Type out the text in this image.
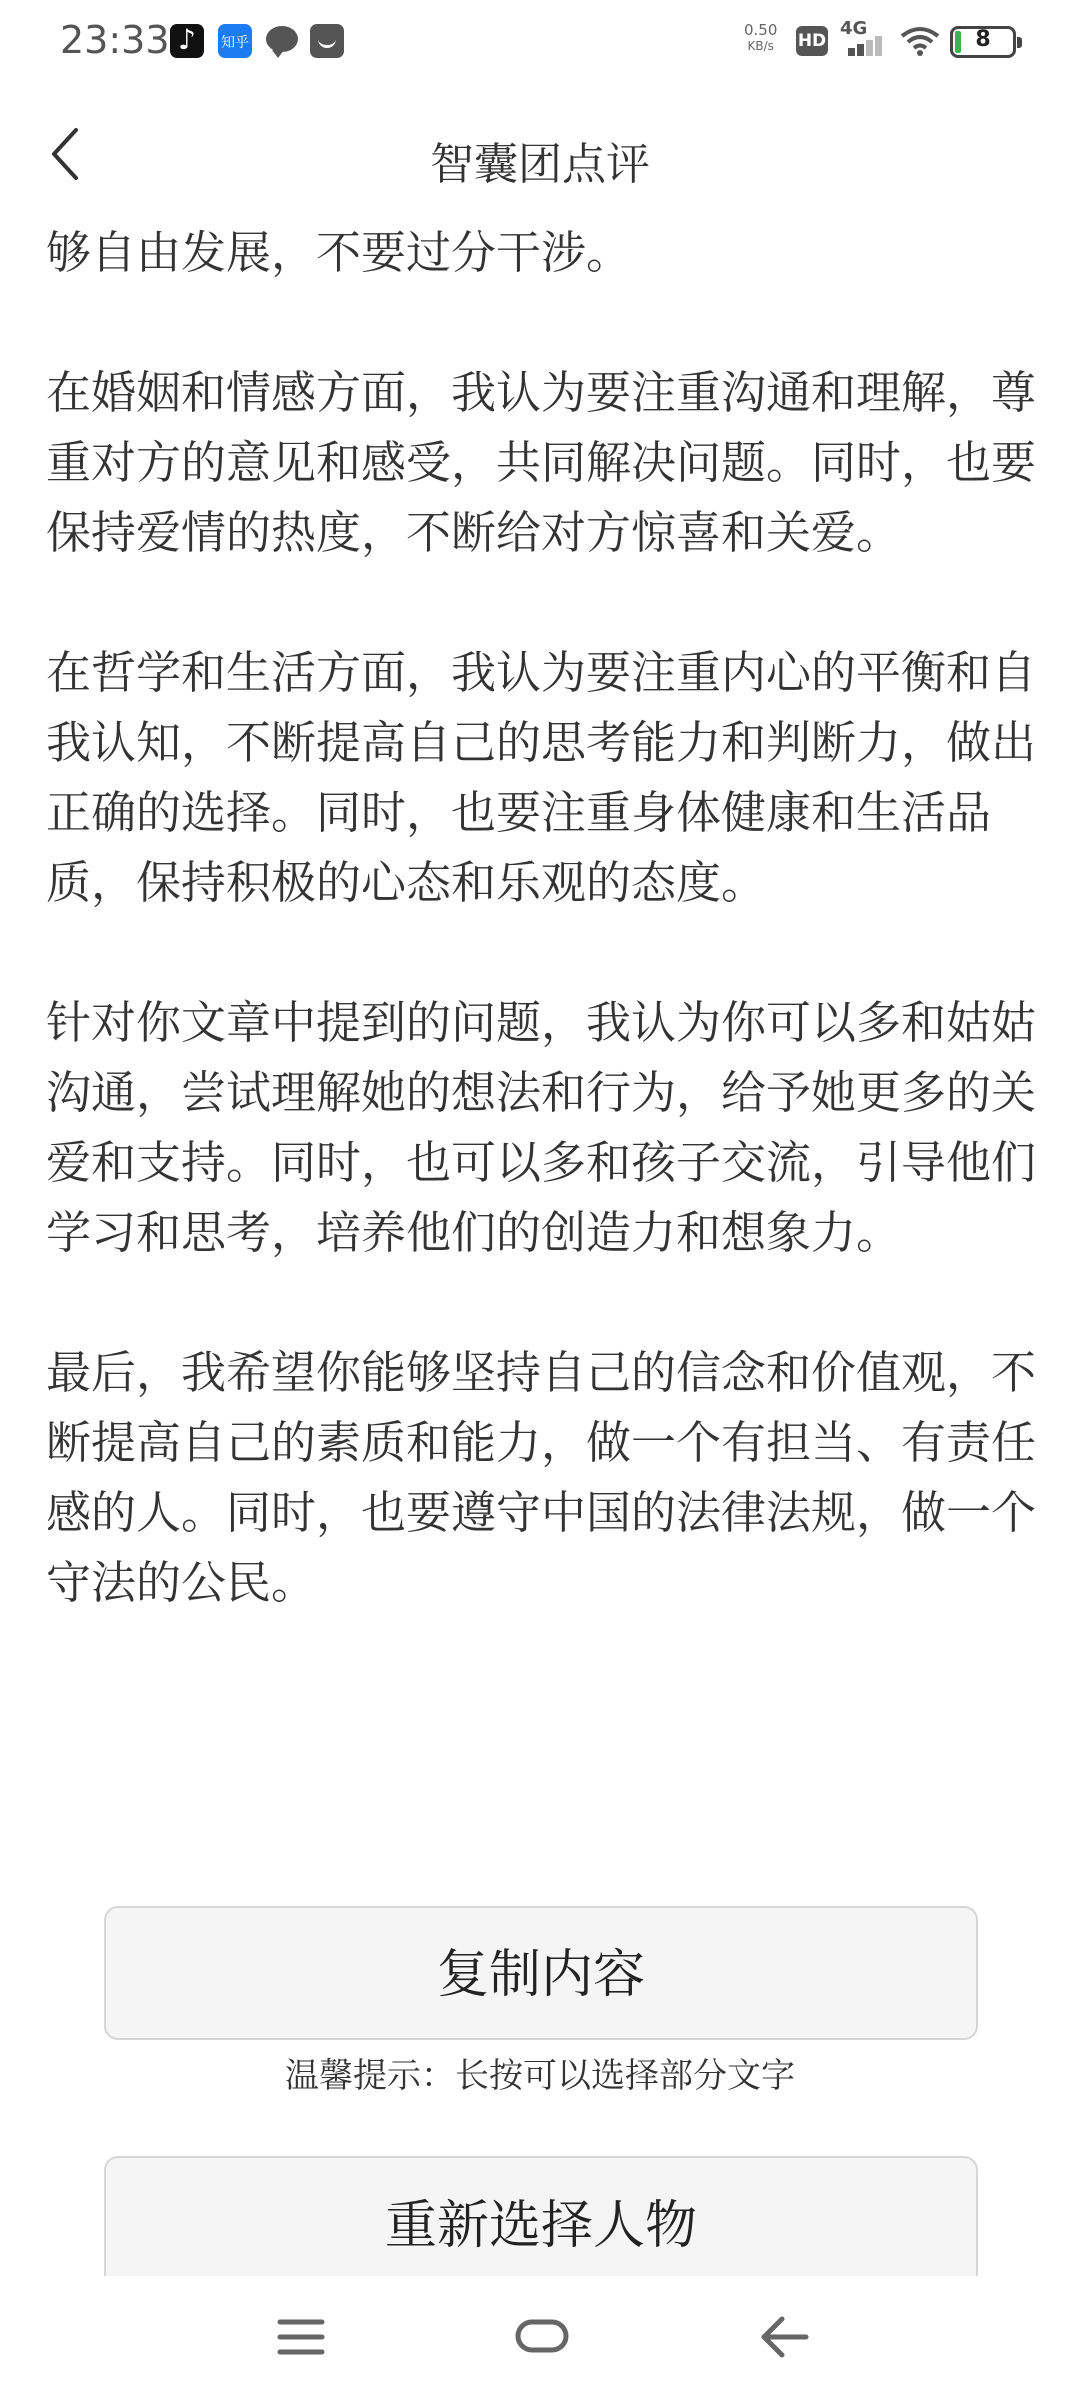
23:33 ♪ 知乎	0.50
KB/s HD
4G	8
智囊团点评

够自由发展，不要过分干涉。

在婚姻和情感方面，我认为要注重沟通和理解，尊重对方的意见和感受，共同解决问题。同时，也要保持爱情的热度，不断给对方惊喜和关爱。

在哲学和生活方面，我认为要注重内心的平衡和自我认知，不断提高自己的思考能力和判断力，做出正确的选择。同时，也要注重身体健康和生活品质，保持积极的心态和乐观的态度。

针对你文章中提到的问题，我认为你可以多和姑姑沟通，尝试理解她的想法和行为，给予她更多的关爱和支持。同时，也可以多和孩子交流，引导他们学习和思考，培养他们的创造力和想象力。

最后，我希望你能够坚持自己的信念和价值观，不断提高自己的素质和能力，做一个有担当、有责任感的人。同时，也要遵守中国的法律法规，做一个守法的公民。

复制内容
温馨提示：长按可以选择部分文字
重新选择人物
